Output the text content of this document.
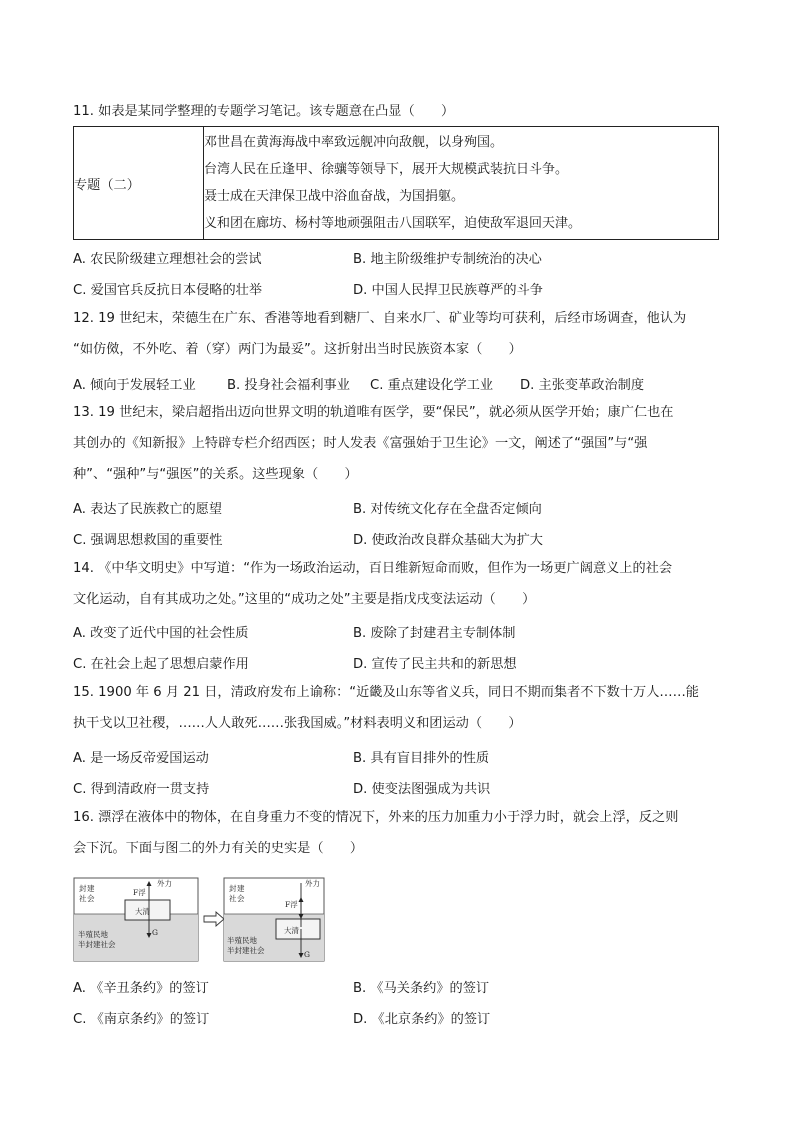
11. 如表是某同学整理的专题学习笔记。该专题意在凸显（　　）
专题（二）	
邓世昌在黄海海战中率致远舰冲向敌舰，以身殉国。
台湾人民在丘逢甲、徐骧等领导下，展开大规模武装抗日斗争。
聂士成在天津保卫战中浴血奋战，为国捐躯。
义和团在廊坊、杨村等地顽强阻击八国联军，迫使敌军退回天津。
A. 农民阶级建立理想社会的尝试	B. 地主阶级维护专制统治的决心
C. 爱国官兵反抗日本侵略的壮举	D. 中国人民捍卫民族尊严的斗争
12. 19 世纪末，荣德生在广东、香港等地看到糖厂、自来水厂、矿业等均可获利，后经市场调查，他认为
“如仿傚，不外吃、着（穿）两门为最妥”。这折射出当时民族资本家（　　）
A. 倾向于发展轻工业 B. 投身社会福利事业 C. 重点建设化学工业 D. 主张变革政治制度
13. 19 世纪末，梁启超指出迈向世界文明的轨道唯有医学，要“保民”，就必须从医学开始；康广仁也在
其创办的《知新报》上特辟专栏介绍西医；时人发表《富强始于卫生论》一文，阐述了“强国”与“强
种”、“强种”与“强医”的关系。这些现象（　　）
A. 表达了民族救亡的愿望	B. 对传统文化存在全盘否定倾向
C. 强调思想救国的重要性	D. 使政治改良群众基础大为扩大
14. 《中华文明史》中写道：“作为一场政治运动，百日维新短命而败，但作为一场更广阔意义上的社会
文化运动，自有其成功之处。”这里的“成功之处”主要是指戊戌变法运动（　　）
A. 改变了近代中国的社会性质	B. 废除了封建君主专制体制
C. 在社会上起了思想启蒙作用	D. 宣传了民主共和的新思想
15. 1900 年 6 月 21 日，清政府发布上谕称：“近畿及山东等省义兵，同日不期而集者不下数十万人……能
执干戈以卫社稷，……人人敢死……张我国威。”材料表明义和团运动（　　）
A. 是一场反帝爱国运动	B. 具有盲目排外的性质
C. 得到清政府一贯支持	D. 使变法图强成为共识
16. 漂浮在液体中的物体，在自身重力不变的情况下，外来的压力加重力小于浮力时，就会上浮，反之则
会下沉。下面与图二的外力有关的史实是（　　）
封 建
社 会
半殖民地
半封建社会
大清
F浮
G
外力
封 建
社 会
半殖民地
半封建社会
大清
F浮
G
外力
A. 《辛丑条约》的签订	B. 《马关条约》的签订
C. 《南京条约》的签订	D. 《北京条约》的签订
